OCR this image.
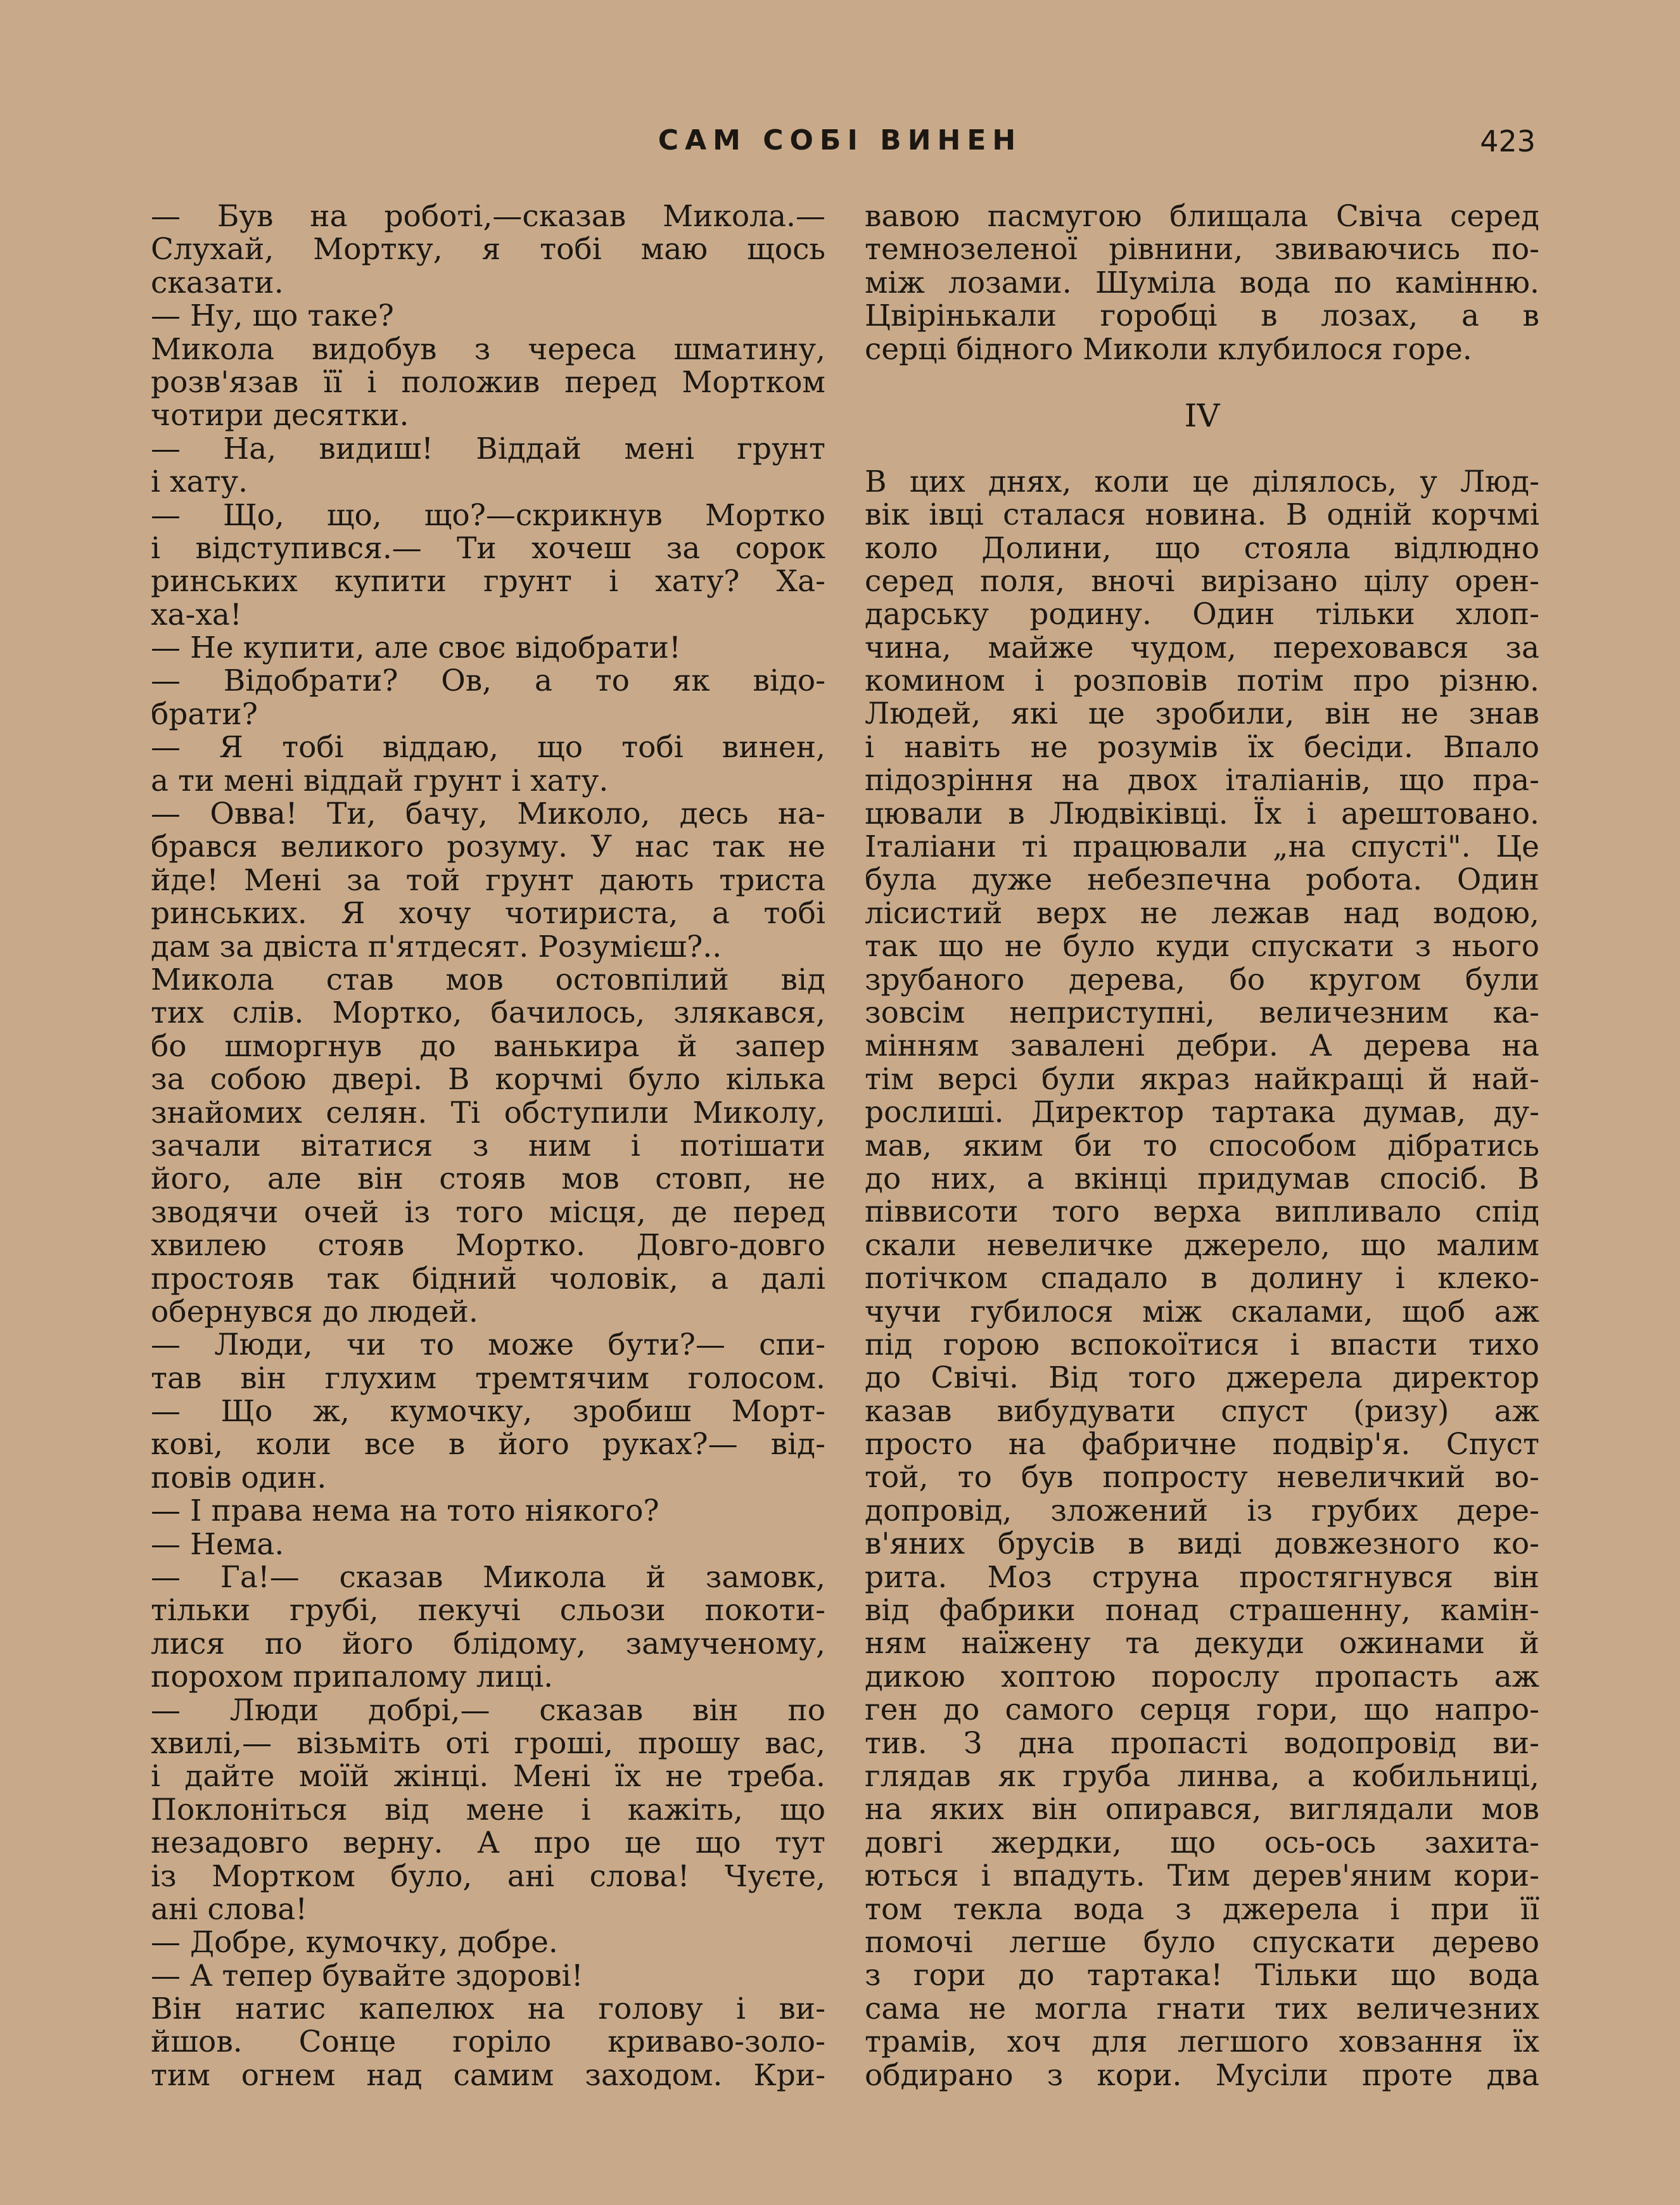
САМ СОБІ ВИНЕН	423
— Був на роботі,—сказав Микола.—
Слухай, Мортку, я тобі маю щось
сказати.
— Ну, що таке?
Микола видобув з череса шматину,
розв'язав її і положив перед Мортком
чотири десятки.
— На, видиш! Віддай мені грунт
і хату.
— Що, що, що?—скрикнув Мортко
і відступився.— Ти хочеш за сорок
ринських купити грунт і хату? Ха-
ха-ха!
— Не купити, але своє відобрати!
— Відобрати? Ов, а то як відо-
брати?
— Я тобі віддаю, що тобі винен,
а ти мені віддай грунт і хату.
— Овва! Ти, бачу, Миколо, десь на-
брався великого розуму. У нас так не
йде! Мені за той грунт дають триста
ринських. Я хочу чотириста, а тобі
дам за двіста п'ятдесят. Розумієш?..
Микола став мов остовпілий від
тих слів. Мортко, бачилось, злякався,
бо шморгнув до ванькира й запер
за собою двері. В корчмі було кілька
знайомих селян. Ті обступили Миколу,
зачали вітатися з ним і потішати
його, але він стояв мов стовп, не
зводячи очей із того місця, де перед
хвилею стояв Мортко. Довго-довго
простояв так бідний чоловік, а далі
обернувся до людей.
— Люди, чи то може бути?— спи-
тав він глухим тремтячим голосом.
— Що ж, кумочку, зробиш Морт-
кові, коли все в його руках?— від-
повів один.
— І права нема на тото ніякого?
— Нема.
— Га!— сказав Микола й замовк,
тільки грубі, пекучі сльози покоти-
лися по його блідому, замученому,
порохом припалому лиці.
— Люди добрі,— сказав він по
хвилі,— візьміть оті гроші, прошу вас,
і дайте моїй жінці. Мені їх не треба.
Поклоніться від мене і кажіть, що
незадовго верну. А про це що тут
із Мортком було, ані слова! Чуєте,
ані слова!
— Добре, кумочку, добре.
— А тепер бувайте здорові!
Він натис капелюх на голову і ви-
йшов. Сонце горіло криваво-золо-
тим огнем над самим заходом. Кри-
вавою пасмугою блищала Свіча серед
темнозеленої рівнини, звиваючись по-
між лозами. Шуміла вода по камінню.
Цвірінькали горобці в лозах, а в
серці бідного Миколи клубилося горе.
IV
В цих днях, коли це ділялось, у Люд-
вік івці сталася новина. В одній корчмі
коло Долини, що стояла відлюдно
серед поля, вночі вирізано цілу орен-
дарську родину. Один тільки хлоп-
чина, майже чудом, переховався за
комином і розповів потім про різню.
Людей, які це зробили, він не знав
і навіть не розумів їх бесіди. Впало
підозріння на двох італіанів, що пра-
цювали в Людвіківці. Їх і арештовано.
Італіани ті працювали „на спусті". Це
була дуже небезпечна робота. Один
лісистий верх не лежав над водою,
так що не було куди спускати з нього
зрубаного дерева, бо кругом були
зовсім неприступні, величезним ка-
мінням завалені дебри. А дерева на
тім версі були якраз найкращі й най-
рослиші. Директор тартака думав, ду-
мав, яким би то способом дібратись
до них, а вкінці придумав спосіб. В
піввисоти того верха випливало спід
скали невеличке джерело, що малим
потічком спадало в долину і клеко-
чучи губилося між скалами, щоб аж
під горою вспокоїтися і впасти тихо
до Свічі. Від того джерела директор
казав вибудувати спуст (ризу) аж
просто на фабричне подвір'я. Спуст
той, то був попросту невеличкий во-
допровід, зложений із грубих дере-
в'яних брусів в виді довжезного ко-
рита. Моз струна простягнувся він
від фабрики понад страшенну, камін-
ням наїжену та декуди ожинами й
дикою хоптою порослу пропасть аж
ген до самого серця гори, що напро-
тив. З дна пропасті водопровід ви-
глядав як груба линва, а кобильниці,
на яких він опирався, виглядали мов
довгі жердки, що ось-ось захита-
ються і впадуть. Тим дерев'яним кори-
том текла вода з джерела і при її
помочі легше було спускати дерево
з гори до тартака! Тільки що вода
сама не могла гнати тих величезних
трамів, хоч для легшого ховзання їх
обдирано з кори. Мусіли проте два
